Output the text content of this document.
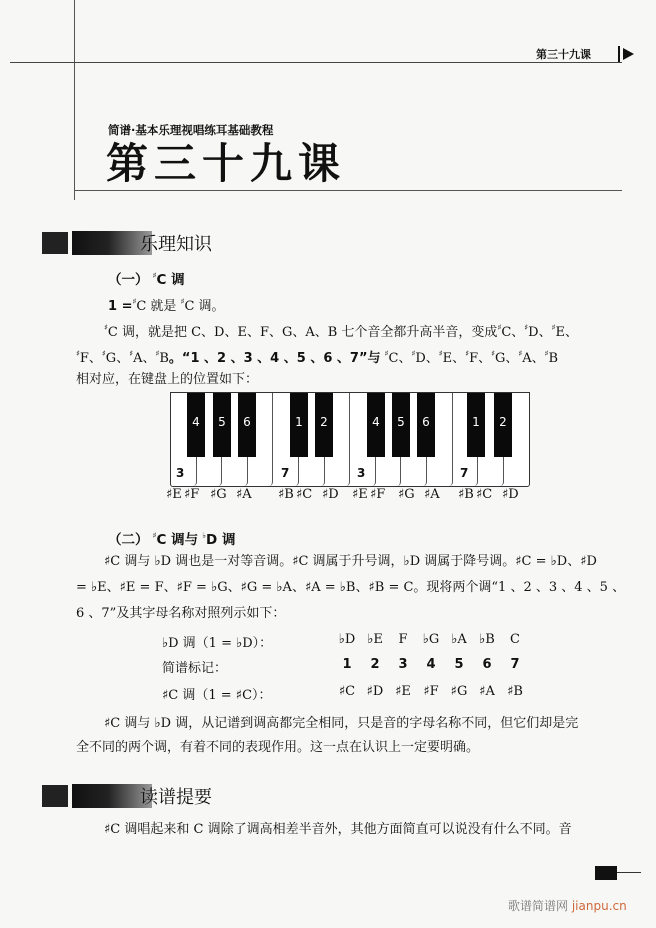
第三十九课
简谱·基本乐理视唱练耳基础教程
第三十九课
乐理知识
（一） ♯C 调
1 =♯C 就是 ♯C 调。
♯C 调，就是把 C、D、E、F、G、A、B 七个音全都升高半音，变成♯C、♯D、♯E、
♯F、♯G、♯A、♯B。“1 、2 、3 、4 、5 、6 、7”与 ♯C、♯D、♯E、♯F、♯G、♯A、♯B
相对应，在键盘上的位置如下：
4	5	6	1	2	4	5	6	1	2
3	7	3	7
♯E ♯F ♯G ♯A ♯B ♯C ♯D ♯E ♯F ♯G ♯A ♯B ♯C ♯D
（二） ♯C 调与 ♭D 调
♯C 调与 ♭D 调也是一对等音调。♯C 调属于升号调，♭D 调属于降号调。♯C = ♭D、♯D
= ♭E、♯E = F、♯F = ♭G、♯G = ♭A、♯A = ♭B、♯B = C。现将两个调“1 、2 、3 、4 、5 、
6 、7”及其字母名称对照列示如下：
♭D 调（1 = ♭D）：	♭D ♭E	F	♭G ♭A ♭B	C
简谱标记：	1	2	3	4	5	6	7
♯C 调（1 = ♯C）：	♯C ♯D ♯E ♯F ♯G ♯A ♯B
♯C 调与 ♭D 调，从记谱到调高都完全相同，只是音的字母名称不同，但它们却是完
全不同的两个调，有着不同的表现作用。这一点在认识上一定要明确。
读谱提要
♯C 调唱起来和 C 调除了调高相差半音外，其他方面简直可以说没有什么不同。音
歌谱简谱网 jianpu.cn
